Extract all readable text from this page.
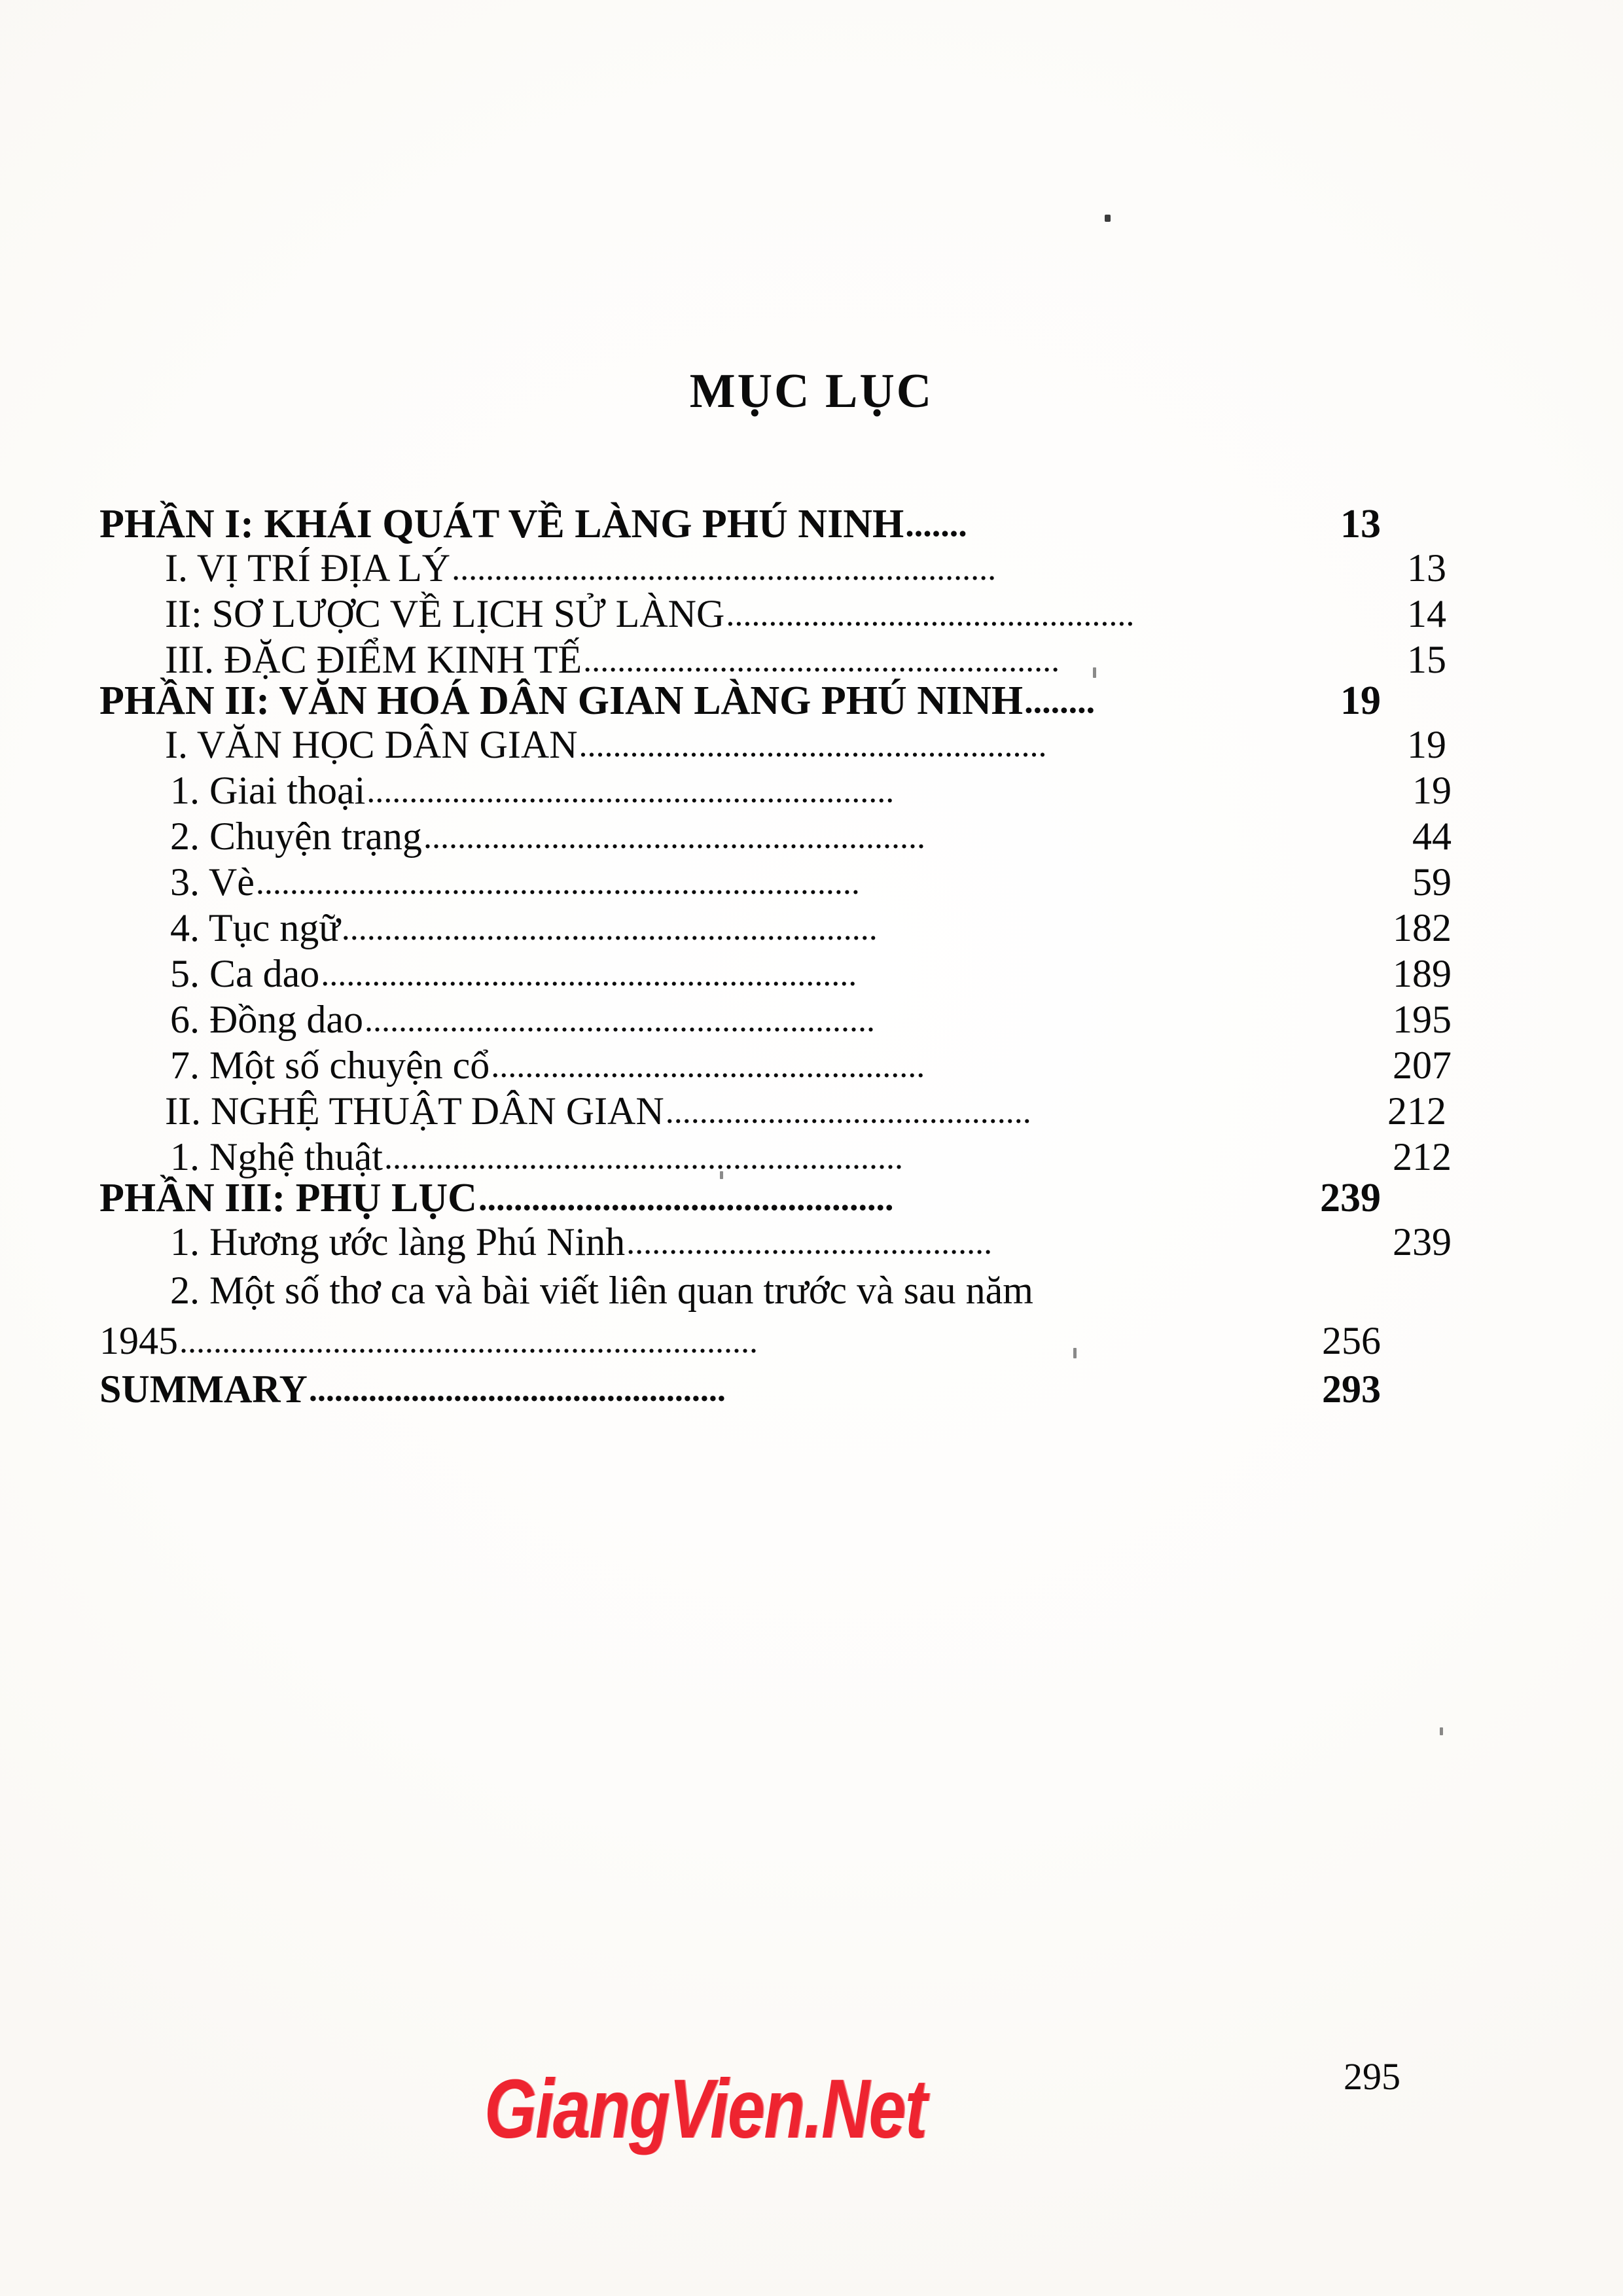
MỤC LỤC
PHẦN I: KHÁI QUÁT VỀ LÀNG PHÚ NINH .......	13
I. VỊ TRÍ ĐỊA LÝ ................................................................	13
II: SƠ LƯỢC VỀ LỊCH SỬ LÀNG ................................................	14
III. ĐẶC ĐIỂM KINH TẾ ........................................................	15
PHẦN II: VĂN HOÁ DÂN GIAN LÀNG PHÚ NINH ........	19
I. VĂN HỌC DÂN GIAN .......................................................	19
1. Giai thoại ..............................................................	19
2. Chuyện trạng ...........................................................	44
3. Vè .......................................................................	59
4. Tục ngữ ...............................................................	182
5. Ca dao ...............................................................	189
6. Đồng dao ............................................................	195
7. Một số chuyện cổ ...................................................	207
II. NGHỆ THUẬT DÂN GIAN ...........................................	212
1. Nghệ thuật .............................................................	212
PHẦN III: PHỤ LỤC ...............................................	239
1. Hương ước làng Phú Ninh ...........................................	239
2. Một số thơ ca và bài viết liên quan trước và sau năm
1945 ....................................................................	256
SUMMARY .................................................	293
295
GiangVien.Net
